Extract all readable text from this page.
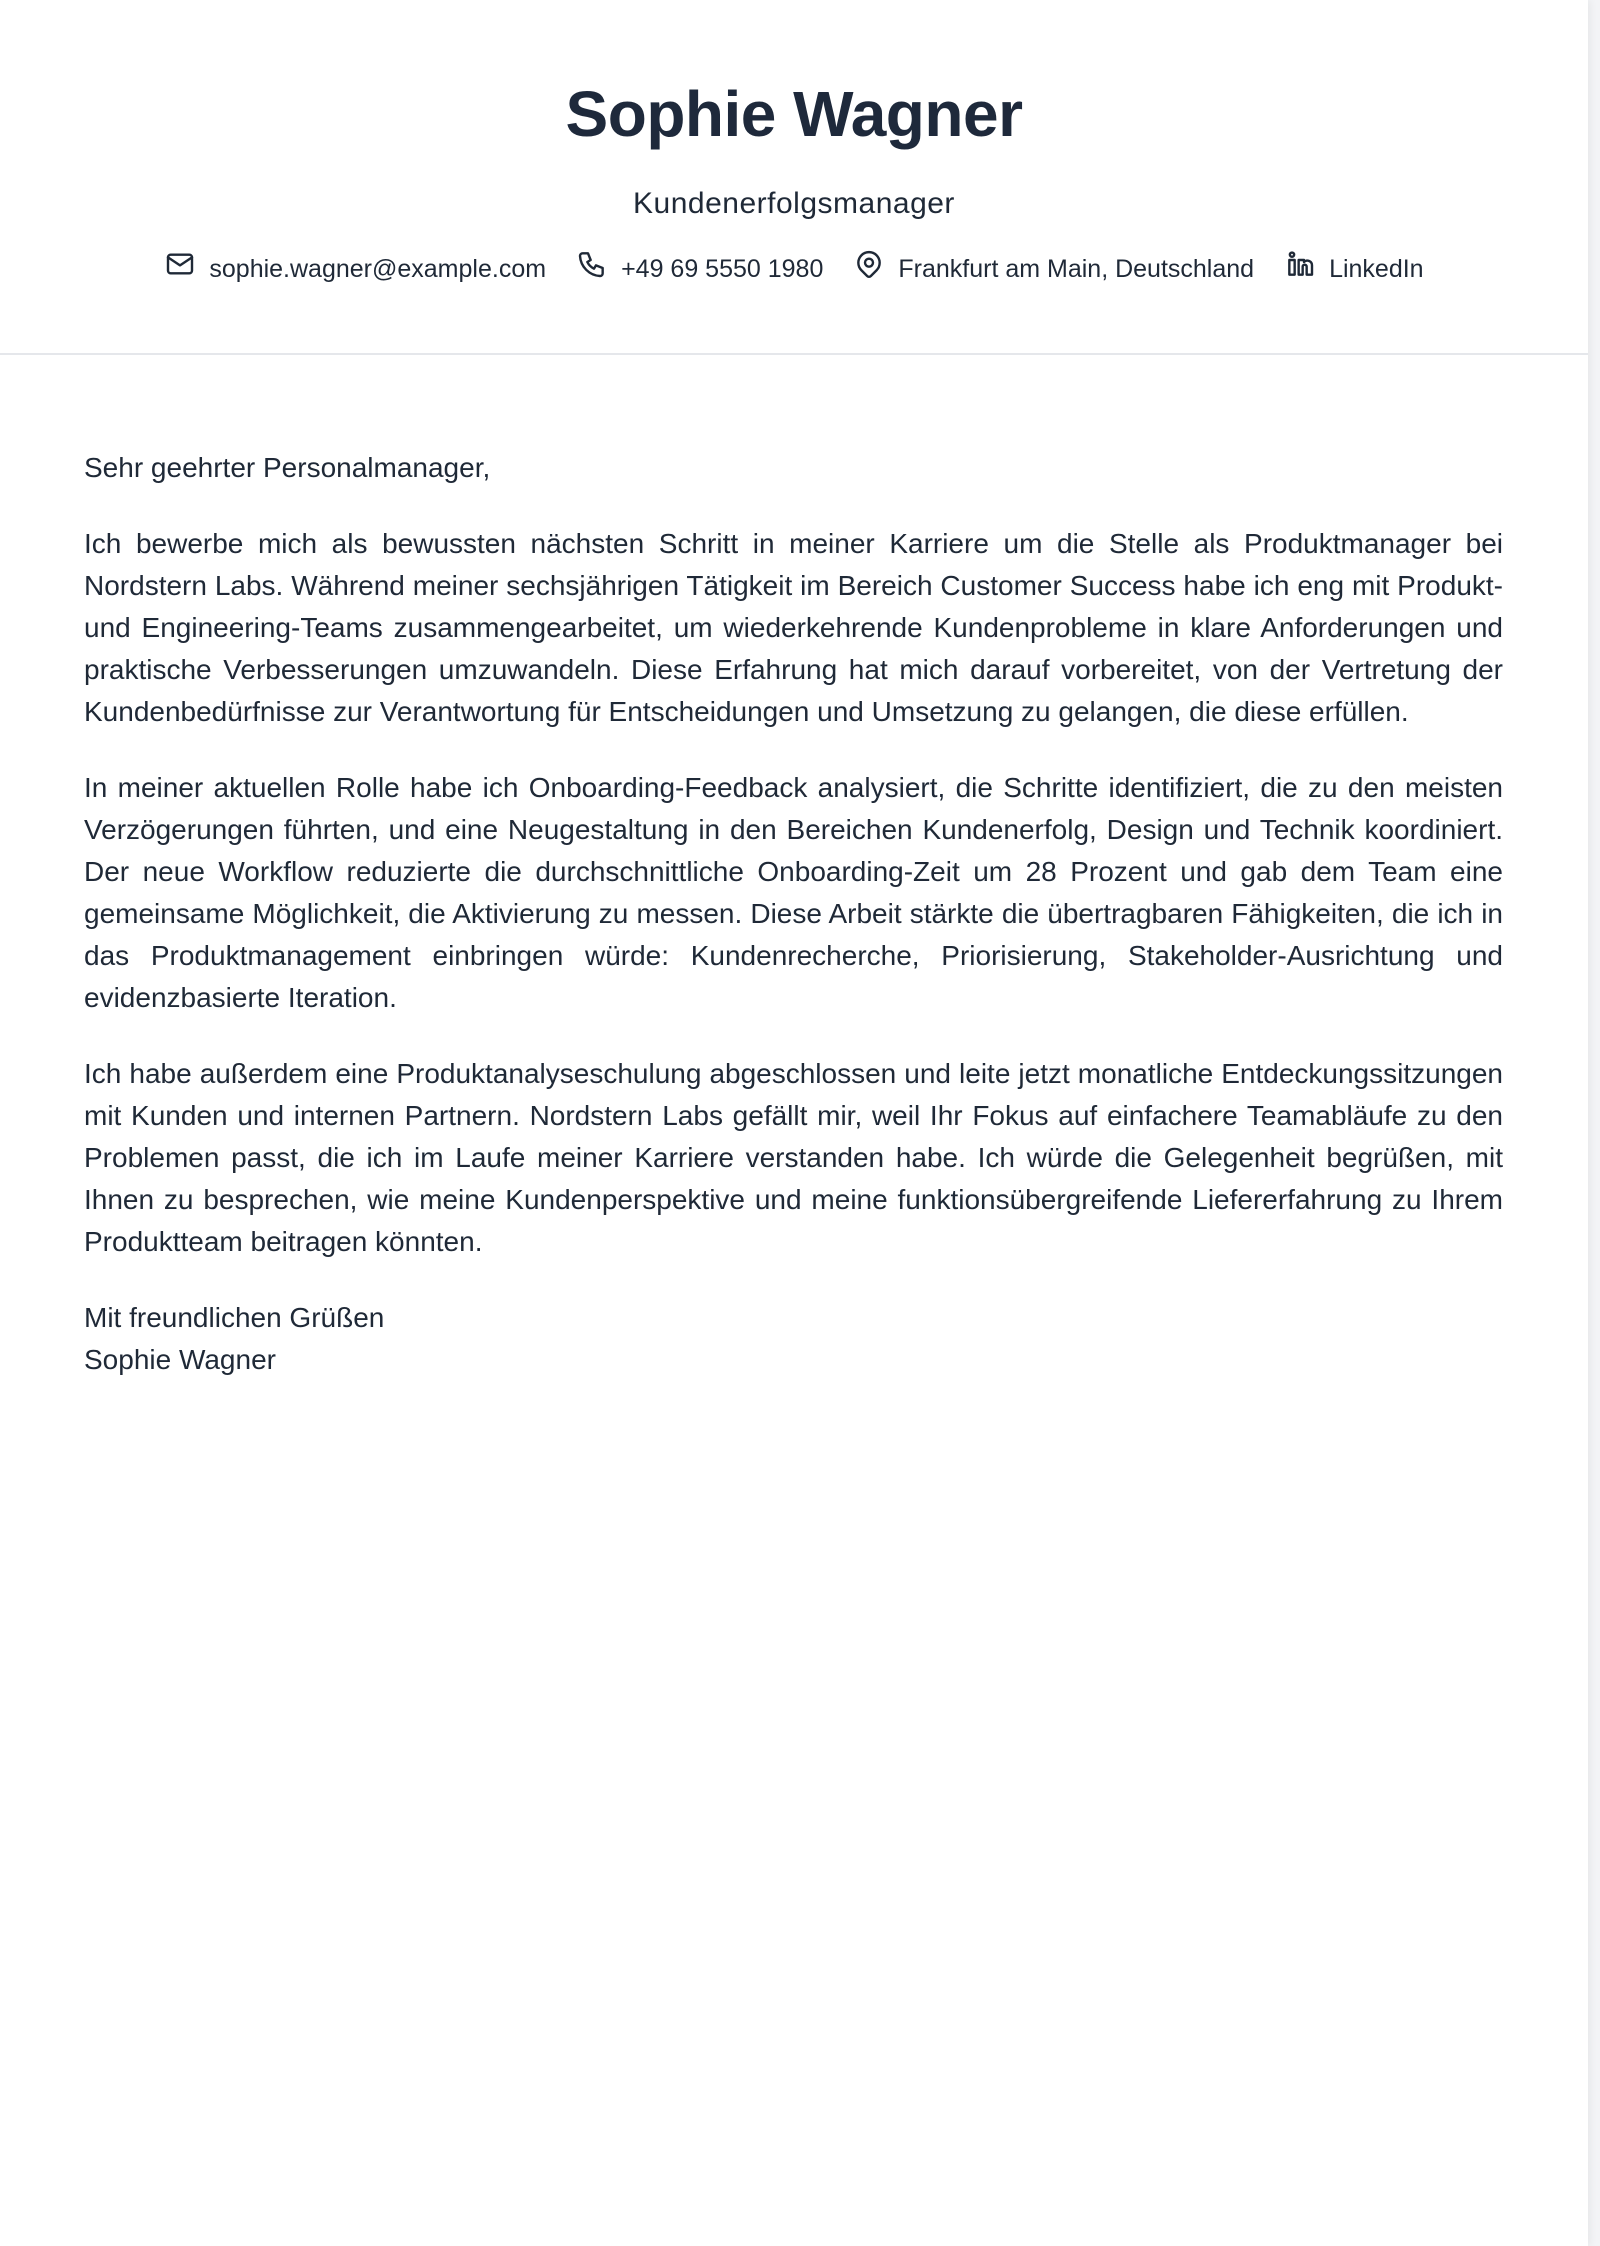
Sophie Wagner

Kundenerfolgsmanager

sophie.wagner@example.com	+49 69 5550 1980	Frankfurt am Main, Deutschland	LinkedIn

Sehr geehrter Personalmanager,

Ich bewerbe mich als bewussten nächsten Schritt in meiner Karriere um die Stelle als Produktmanager bei Nordstern Labs. Während meiner sechsjährigen Tätigkeit im Bereich Customer Success habe ich eng mit Produkt- und Engineering-Teams zusammengearbeitet, um wiederkehrende Kundenprobleme in klare Anforderungen und praktische Verbesserungen umzuwandeln. Diese Erfahrung hat mich darauf vorbereitet, von der Vertretung der Kundenbedürfnisse zur Verantwortung für Entscheidungen und Umsetzung zu gelangen, die diese erfüllen.

In meiner aktuellen Rolle habe ich Onboarding-Feedback analysiert, die Schritte identifiziert, die zu den meisten Verzögerungen führten, und eine Neugestaltung in den Bereichen Kundenerfolg, Design und Technik koordiniert. Der neue Workflow reduzierte die durchschnittliche Onboarding-Zeit um 28 Prozent und gab dem Team eine gemeinsame Möglichkeit, die Aktivierung zu messen. Diese Arbeit stärkte die übertragbaren Fähigkeiten, die ich in das Produktmanagement einbringen würde: Kundenrecherche, Priorisierung, Stakeholder-Ausrichtung und evidenzbasierte Iteration.

Ich habe außerdem eine Produktanalyseschulung abgeschlossen und leite jetzt monatliche Entdeckungssitzungen mit Kunden und internen Partnern. Nordstern Labs gefällt mir, weil Ihr Fokus auf einfachere Teamabläufe zu den Problemen passt, die ich im Laufe meiner Karriere verstanden habe. Ich würde die Gelegenheit begrüßen, mit Ihnen zu besprechen, wie meine Kundenperspektive und meine funktionsübergreifende Liefererfahrung zu Ihrem Produktteam beitragen könnten.

Mit freundlichen Grüßen

Sophie Wagner
